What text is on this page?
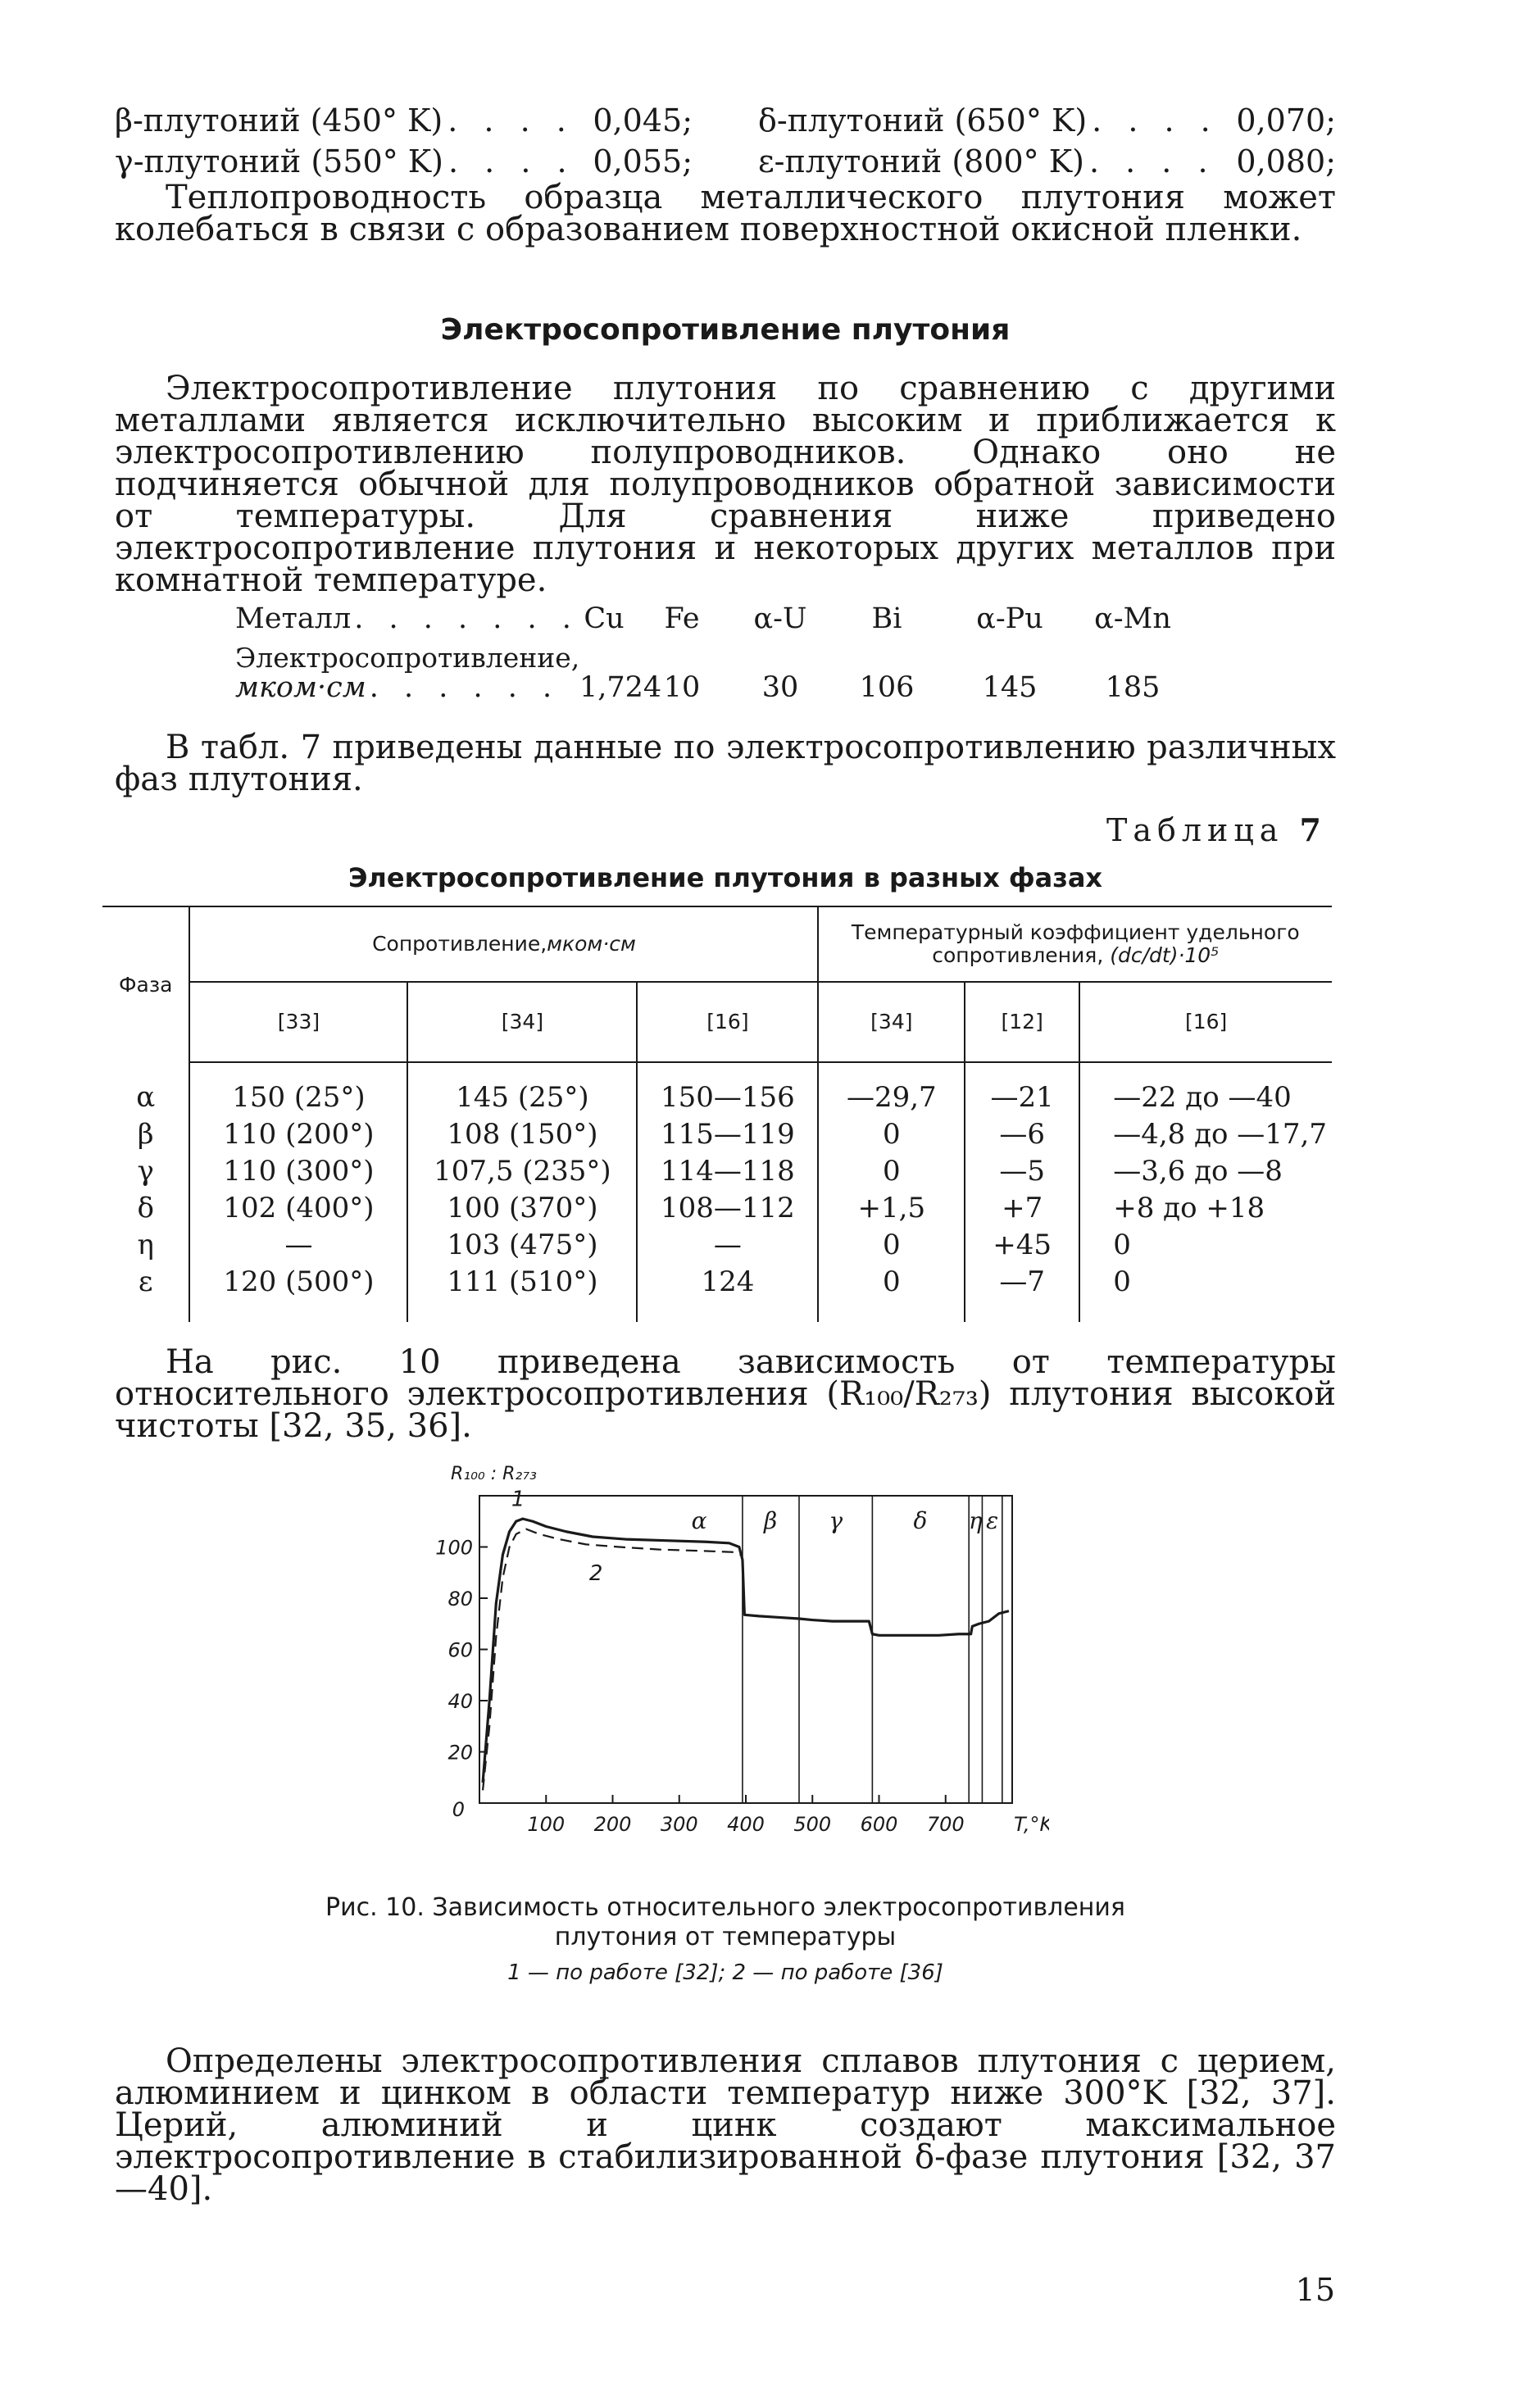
β-плутоний (450° K) . . .	0,045; δ-плутоний (650° K) . . .	0,070;
γ-плутоний (550° K) . . .	0,055; ε-плутоний (800° K) . . .	0,080;

Теплопроводность образца металлического плутония может колебаться в связи с образованием поверхностной окисной пленки.

Электросопротивление плутония

Электросопротивление плутония по сравнению с другими металлами является исключительно высоким и приближается к электросопротивлению полупроводников. Однако оно не подчиняется обычной для полупроводников обратной зависимости от температуры. Для сравнения ниже приведено электросопротивление плутония и некоторых других металлов при комнатной температуре.

Металл . . .	Cu	Fe	α-U	Bi	α-Pu	α-Mn
Электросопротивление,
мком·см . . .	1,724 10	30	106	145	185

В табл. 7 приведены данные по электросопротивлению различных фаз плутония.

Таблица 7
Электросопротивление плутония в разных фазах
Фаза	Сопротивление,мком·см			Температурный коэффициент удельного сопротивления, (dc/dt)·10⁵		
	[33]	[34]	[16]	[34]	[12]	[16]
α	150 (25°)	145 (25°)	150—156	—29,7	—21	—22 до —40
β	110 (200°)	108 (150°)	115—119	0	—6	—4,8 до —17,7
γ	110 (300°)	107,5 (235°)	114—118	0	—5	—3,6 до —8
δ	102 (400°)	100 (370°)	108—112	+1,5	+7	+8 до +18
η	—	103 (475°)	—	0	+45	0
ε	120 (500°)	111 (510°)	124	0	—7	0

На рис. 10 приведена зависимость от температуры относительного электросопротивления (R₁₀₀/R₂₇₃) плутония высокой чистоты [32, 35, 36].

20
40
60
80
100
100 200 300 400 500 600 700
0
T,°K
R₁₀₀ : R₂₇₃
α β γ	δ η ε
1
2
Рис. 10. Зависимость относительного электросопротивления
плутония от температуры
1 — по работе [32]; 2 — по работе [36]

Определены электросопротивления сплавов плутония с церием, алюминием и цинком в области температур ниже 300°K [32, 37]. Церий, алюминий и цинк создают максимальное электросопротивление в стабилизированной δ-фазе плутония [32, 37—40].

15
